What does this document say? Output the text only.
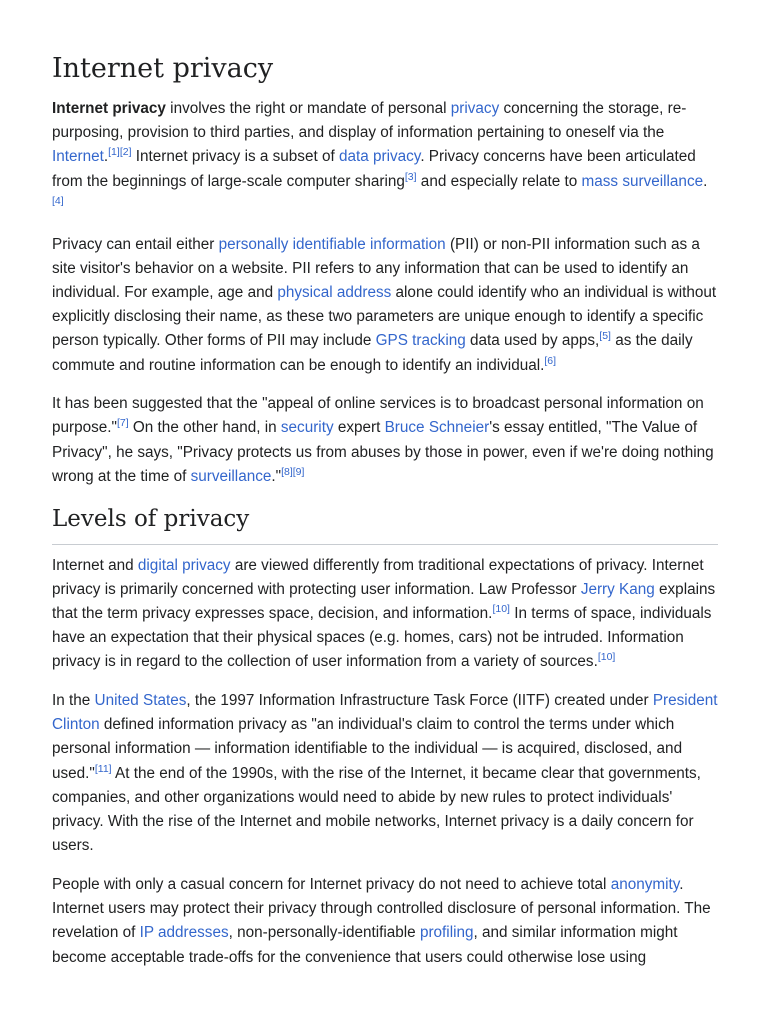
Internet privacy

Internet privacy involves the right or mandate of personal privacy concerning the storage, re-purposing, provision to third parties, and display of information pertaining to oneself via the Internet.[1][2] Internet privacy is a subset of data privacy. Privacy concerns have been articulated from the beginnings of large-scale computer sharing[3] and especially relate to mass surveillance.[4]

Privacy can entail either personally identifiable information (PII) or non-PII information such as a site visitor's behavior on a website. PII refers to any information that can be used to identify an individual. For example, age and physical address alone could identify who an individual is without explicitly disclosing their name, as these two parameters are unique enough to identify a specific person typically. Other forms of PII may include GPS tracking data used by apps,[5] as the daily commute and routine information can be enough to identify an individual.[6]

It has been suggested that the "appeal of online services is to broadcast personal information on purpose."[7] On the other hand, in security expert Bruce Schneier's essay entitled, "The Value of Privacy", he says, "Privacy protects us from abuses by those in power, even if we're doing nothing wrong at the time of surveillance."[8][9]

Levels of privacy

Internet and digital privacy are viewed differently from traditional expectations of privacy. Internet privacy is primarily concerned with protecting user information. Law Professor Jerry Kang explains that the term privacy expresses space, decision, and information.[10] In terms of space, individuals have an expectation that their physical spaces (e.g. homes, cars) not be intruded. Information privacy is in regard to the collection of user information from a variety of sources.[10]

In the United States, the 1997 Information Infrastructure Task Force (IITF) created under President Clinton defined information privacy as "an individual's claim to control the terms under which personal information — information identifiable to the individual — is acquired, disclosed, and used."[11] At the end of the 1990s, with the rise of the Internet, it became clear that governments, companies, and other organizations would need to abide by new rules to protect individuals' privacy. With the rise of the Internet and mobile networks, Internet privacy is a daily concern for users.

People with only a casual concern for Internet privacy do not need to achieve total anonymity. Internet users may protect their privacy through controlled disclosure of personal information. The revelation of IP addresses, non-personally-identifiable profiling, and similar information might become acceptable trade-offs for the convenience that users could otherwise lose using
